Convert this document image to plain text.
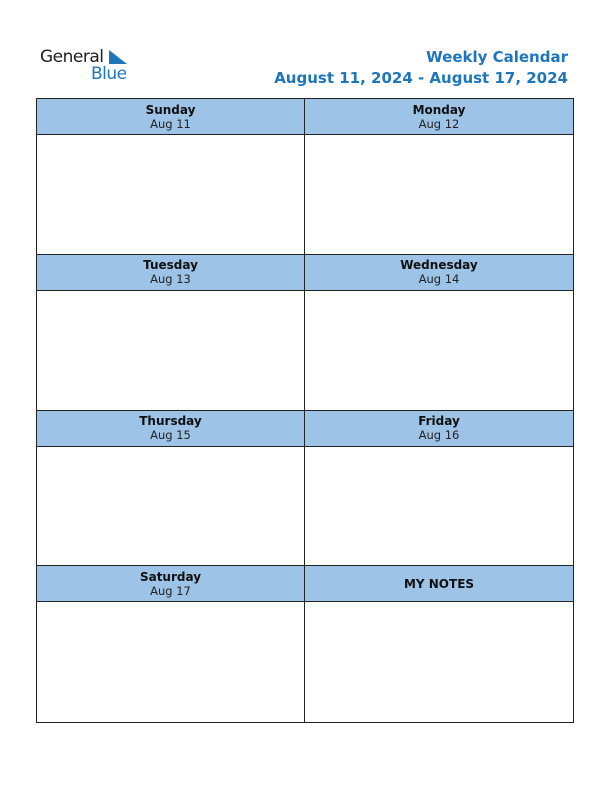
General
Blue
Weekly Calendar
August 11, 2024 - August 17, 2024
Sunday
Aug 11
Monday
Aug 12
Tuesday
Aug 13
Wednesday
Aug 14
Thursday
Aug 15
Friday
Aug 16
Saturday
Aug 17	MY NOTES
